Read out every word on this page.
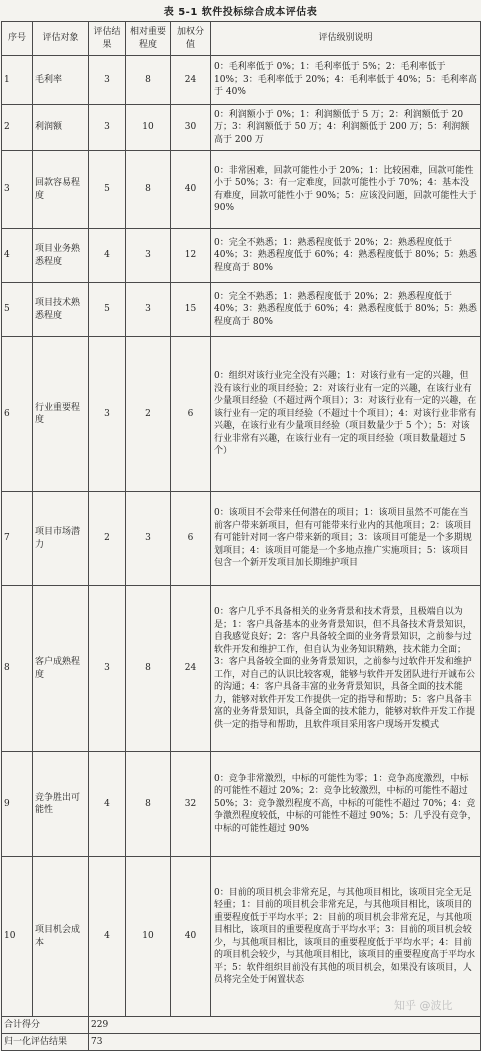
表 5-1 软件投标综合成本评估表
序号	评估对象	评估结果	相对重要程度	加权分值	评估级别说明
1	毛利率	3	8	24	0：毛利率低于 0%；1：毛利率低于 5%；2：毛利率低于 10%；3：毛利率低于 20%；4：毛利率低于 40%；5：毛利率高于 40%
2	利润额	3	10	30	0：利润额小于 0%；1：利润额低于 5 万；2：利润额低于 20 万；3：利润额低于 50 万；4：利润额低于 200 万；5：利润额高于 200 万
3	回款容易程度	5	8	40	0：非常困难，回款可能性小于 20%；1：比较困难，回款可能性小于 50%；3：有一定难度，回款可能性小于 70%；4：基本没有难度，回款可能性小于 90%；5：应该没问题，回款可能性大于 90%
4	项目业务熟悉程度	4	3	12	0：完全不熟悉；1：熟悉程度低于 20%；2：熟悉程度低于 40%；3：熟悉程度低于 60%；4：熟悉程度低于 80%；5：熟悉程度高于 80%
5	项目技术熟悉程度	5	3	15	0：完全不熟悉；1：熟悉程度低于 20%；2：熟悉程度低于 40%；3：熟悉程度低于 60%；4：熟悉程度低于 80%；5：熟悉程度高于 80%
6	行业重要程度	3	2	6	0：组织对该行业完全没有兴趣；1：对该行业有一定的兴趣，但没有该行业的项目经验；2：对该行业有一定的兴趣，在该行业有少量项目经验（不超过两个项目）；3：对该行业有一定的兴趣，在该行业有一定的项目经验（不超过十个项目）；4：对该行业非常有兴趣，在该行业有少量项目经验（项目数量少于 5 个）；5：对该行业非常有兴趣，在该行业有一定的项目经验（项目数量超过 5 个）
7	项目市场潜力	2	3	6	0：该项目不会带来任何潜在的项目；1：该项目虽然不可能在当前客户带来新项目，但有可能带来行业内的其他项目；2：该项目有可能针对同一客户带来新的项目；3：该项目可能是一个多期规划项目；4：该项目可能是一个多地点推广实施项目；5：该项目包含一个新开发项目加长期维护项目
8	客户成熟程度	3	8	24	0：客户几乎不具备相关的业务背景和技术背景，且极端自以为是；1：客户具备基本的业务背景知识，但不具备技术背景知识，自我感觉良好；2：客户具备较全面的业务背景知识，之前参与过软件开发和维护工作，但自认为业务知识精熟，技术能力全面；3：客户具备较全面的业务背景知识，之前参与过软件开发和维护工作，对自己的认识比较客观，能够与软件开发团队进行开诚布公的沟通；4：客户具备丰富的业务背景知识，具备全面的技术能力，能够对软件开发工作提供一定的指导和帮助；5：客户具备丰富的业务背景知识，具备全面的技术能力，能够对软件开发工作提供一定的指导和帮助，且软件项目采用客户现场开发模式
9	竞争胜出可能性	4	8	32	0：竞争非常激烈，中标的可能性为零；1：竞争高度激烈，中标的可能性不超过 20%；2：竞争比较激烈，中标的可能性不超过 50%；3：竞争激烈程度不高，中标的可能性不超过 70%；4：竞争激烈程度较低，中标的可能性不超过 90%；5：几乎没有竞争，中标的可能性超过 90%
10	项目机会成本	4	10	40	0：目前的项目机会非常充足，与其他项目相比，该项目完全无足轻重；1：目前的项目机会非常充足，与其他项目相比，该项目的重要程度低于平均水平；2：目前的项目机会非常充足，与其他项目相比，该项目的重要程度高于平均水平；3：目前的项目机会较少，与其他项目相比，该项目的重要程度低于平均水平；4：目前的项目机会较少，与其他项目相比，该项目的重要程度高于平均水平；5：软件组织目前没有其他的项目机会，如果没有该项目，人员将完全处于闲置状态
合计得分		229			
归一化评估结果		73			
知乎 @波比
